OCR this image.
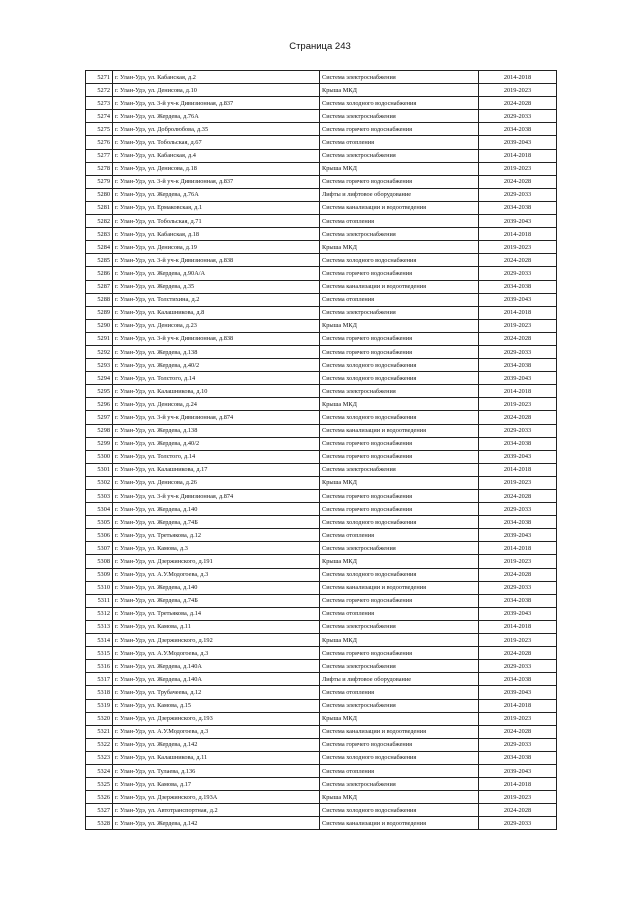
Страница 243
5271	г. Улан-Удэ, ул. Кабанская, д.2	Система электроснабжения	2014-2018
5272	г. Улан-Удэ, ул. Денисова, д.10	Крыша МКД	2019-2023
5273	г. Улан-Удэ, ул. 3-й уч-к Дивизионная, д.837	Система холодного водоснабжения	2024-2028
5274	г. Улан-Удэ, ул. Жердева, д.76А	Система электроснабжения	2029-2033
5275	г. Улан-Удэ, ул. Добролюбова, д.35	Система горячего водоснабжения	2034-2038
5276	г. Улан-Удэ, ул. Тобольская, д.67	Система отопления	2039-2043
5277	г. Улан-Удэ, ул. Кабанская, д.4	Система электроснабжения	2014-2018
5278	г. Улан-Удэ, ул. Денисова, д.18	Крыша МКД	2019-2023
5279	г. Улан-Удэ, ул. 3-й уч-к Дивизионная, д.837	Система горячего водоснабжения	2024-2028
5280	г. Улан-Удэ, ул. Жердева, д.76А	Лифты и лифтовое оборудование	2029-2033
5281	г. Улан-Удэ, ул. Ермаковская, д.1	Система канализации и водоотведения	2034-2038
5282	г. Улан-Удэ, ул. Тобольская, д.71	Система отопления	2039-2043
5283	г. Улан-Удэ, ул. Кабанская, д.18	Система электроснабжения	2014-2018
5284	г. Улан-Удэ, ул. Денисова, д.19	Крыша МКД	2019-2023
5285	г. Улан-Удэ, ул. 3-й уч-к Дивизионная, д.838	Система холодного водоснабжения	2024-2028
5286	г. Улан-Удэ, ул. Жердева, д.90А/А	Система горячего водоснабжения	2029-2033
5287	г. Улан-Удэ, ул. Жердева, д.35	Система канализации и водоотведения	2034-2038
5288	г. Улан-Удэ, ул. Толстихина, д.2	Система отопления	2039-2043
5289	г. Улан-Удэ, ул. Калашникова, д.8	Система электроснабжения	2014-2018
5290	г. Улан-Удэ, ул. Денисова, д.23	Крыша МКД	2019-2023
5291	г. Улан-Удэ, ул. 3-й уч-к Дивизионная, д.838	Система горячего водоснабжения	2024-2028
5292	г. Улан-Удэ, ул. Жердева, д.138	Система горячего водоснабжения	2029-2033
5293	г. Улан-Удэ, ул. Жердева, д.40/2	Система холодного водоснабжения	2034-2038
5294	г. Улан-Удэ, ул. Толстого, д.14	Система холодного водоснабжения	2039-2043
5295	г. Улан-Удэ, ул. Калашникова, д.10	Система электроснабжения	2014-2018
5296	г. Улан-Удэ, ул. Денисова, д.24	Крыша МКД	2019-2023
5297	г. Улан-Удэ, ул. 3-й уч-к Дивизионная, д.874	Система холодного водоснабжения	2024-2028
5298	г. Улан-Удэ, ул. Жердева, д.138	Система канализации и водоотведения	2029-2033
5299	г. Улан-Удэ, ул. Жердева, д.40/2	Система горячего водоснабжения	2034-2038
5300	г. Улан-Удэ, ул. Толстого, д.14	Система горячего водоснабжения	2039-2043
5301	г. Улан-Удэ, ул. Калашникова, д.17	Система электроснабжения	2014-2018
5302	г. Улан-Удэ, ул. Денисова, д.26	Крыша МКД	2019-2023
5303	г. Улан-Удэ, ул. 3-й уч-к Дивизионная, д.874	Система горячего водоснабжения	2024-2028
5304	г. Улан-Удэ, ул. Жердева, д.140	Система горячего водоснабжения	2029-2033
5305	г. Улан-Удэ, ул. Жердева, д.74Б	Система холодного водоснабжения	2034-2038
5306	г. Улан-Удэ, ул. Третьякова, д.12	Система отопления	2039-2043
5307	г. Улан-Удэ, ул. Камова, д.3	Система электроснабжения	2014-2018
5308	г. Улан-Удэ, ул. Дзержинского, д.191	Крыша МКД	2019-2023
5309	г. Улан-Удэ, ул. А.У.Модогоева, д.3	Система холодного водоснабжения	2024-2028
5310	г. Улан-Удэ, ул. Жердева, д.140	Система канализации и водоотведения	2029-2033
5311	г. Улан-Удэ, ул. Жердева, д.74Б	Система горячего водоснабжения	2034-2038
5312	г. Улан-Удэ, ул. Третьякова, д.14	Система отопления	2039-2043
5313	г. Улан-Удэ, ул. Камова, д.11	Система электроснабжения	2014-2018
5314	г. Улан-Удэ, ул. Дзержинского, д.192	Крыша МКД	2019-2023
5315	г. Улан-Удэ, ул. А.У.Модогоева, д.3	Система горячего водоснабжения	2024-2028
5316	г. Улан-Удэ, ул. Жердева, д.140А	Система электроснабжения	2029-2033
5317	г. Улан-Удэ, ул. Жердева, д.140А	Лифты и лифтовое оборудование	2034-2038
5318	г. Улан-Удэ, ул. Трубачеева, д.12	Система отопления	2039-2043
5319	г. Улан-Удэ, ул. Камова, д.15	Система электроснабжения	2014-2018
5320	г. Улан-Удэ, ул. Дзержинского, д.193	Крыша МКД	2019-2023
5321	г. Улан-Удэ, ул. А.У.Модогоева, д.3	Система канализации и водоотведения	2024-2028
5322	г. Улан-Удэ, ул. Жердева, д.142	Система горячего водоснабжения	2029-2033
5323	г. Улан-Удэ, ул. Калашникова, д.11	Система холодного водоснабжения	2034-2038
5324	г. Улан-Удэ, ул. Тулаева, д.136	Система отопления	2039-2043
5325	г. Улан-Удэ, ул. Камова, д.17	Система электроснабжения	2014-2018
5326	г. Улан-Удэ, ул. Дзержинского, д.193А	Крыша МКД	2019-2023
5327	г. Улан-Удэ, ул. Автотранспортная, д.2	Система холодного водоснабжения	2024-2028
5328	г. Улан-Удэ, ул. Жердева, д.142	Система канализации и водоотведения	2029-2033
